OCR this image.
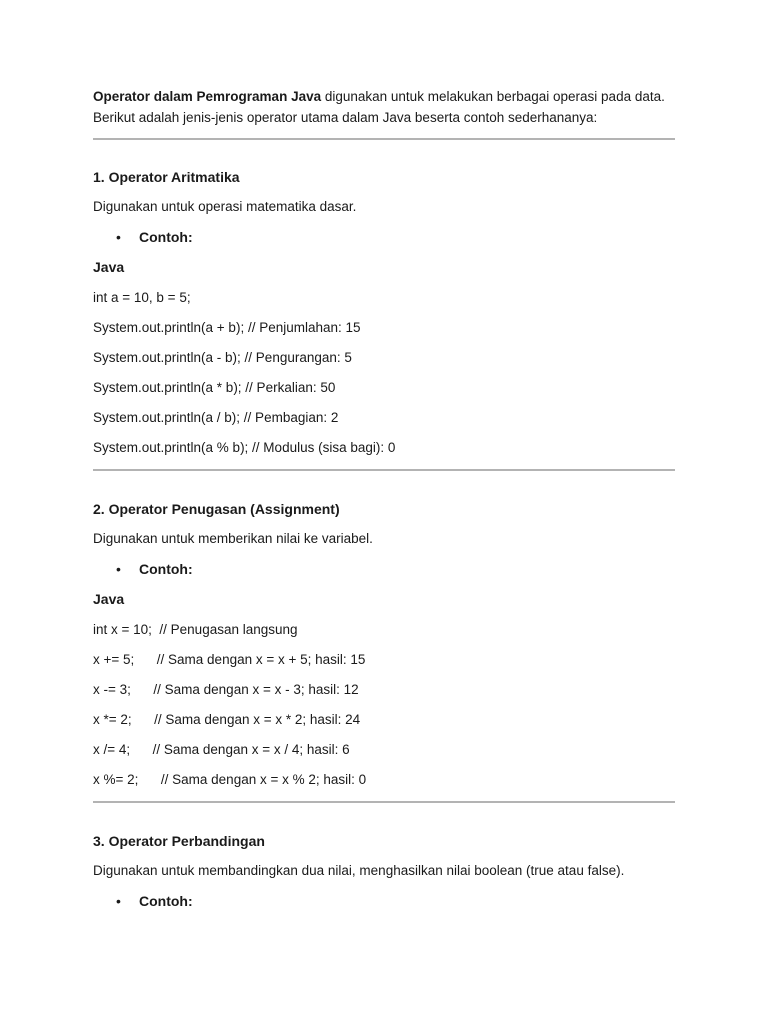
Operator dalam Pemrograman Java digunakan untuk melakukan berbagai operasi pada data. Berikut adalah jenis-jenis operator utama dalam Java beserta contoh sederhananya:

1. Operator Aritmatika

Digunakan untuk operasi matematika dasar.

• Contoh:

Java

int a = 10, b = 5;

System.out.println(a + b); // Penjumlahan: 15

System.out.println(a - b); // Pengurangan: 5

System.out.println(a * b); // Perkalian: 50

System.out.println(a / b); // Pembagian: 2

System.out.println(a % b); // Modulus (sisa bagi): 0

2. Operator Penugasan (Assignment)

Digunakan untuk memberikan nilai ke variabel.

• Contoh:

Java

int x = 10;  // Penugasan langsung

x += 5;      // Sama dengan x = x + 5; hasil: 15

x -= 3;      // Sama dengan x = x - 3; hasil: 12

x *= 2;      // Sama dengan x = x * 2; hasil: 24

x /= 4;      // Sama dengan x = x / 4; hasil: 6

x %= 2;      // Sama dengan x = x % 2; hasil: 0

3. Operator Perbandingan

Digunakan untuk membandingkan dua nilai, menghasilkan nilai boolean (true atau false).

• Contoh:
